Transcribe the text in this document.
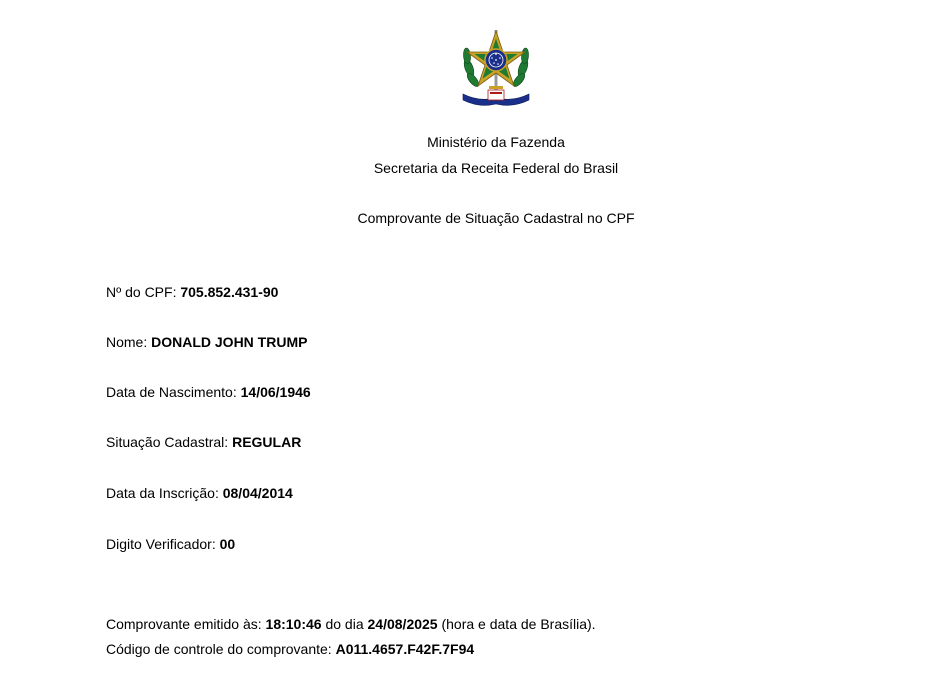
Ministério da Fazenda
Secretaria da Receita Federal do Brasil
Comprovante de Situação Cadastral no CPF
Nº do CPF: 705.852.431-90
Nome: DONALD JOHN TRUMP
Data de Nascimento: 14/06/1946
Situação Cadastral: REGULAR
Data da Inscrição: 08/04/2014
Digito Verificador: 00
Comprovante emitido às: 18:10:46 do dia 24/08/2025 (hora e data de Brasília).
Código de controle do comprovante: A011.4657.F42F.7F94
